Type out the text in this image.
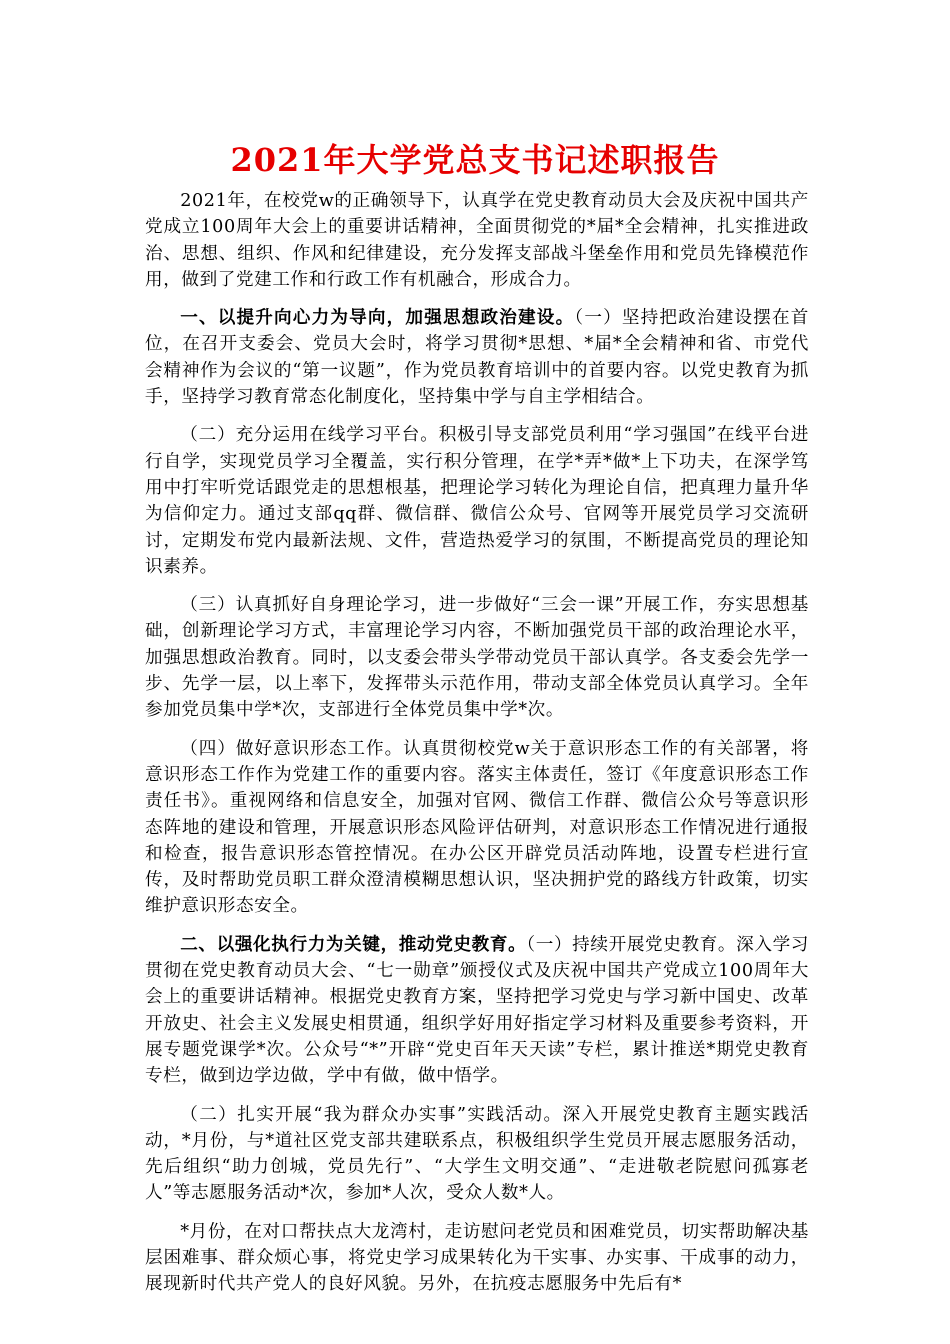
2021年大学党总支书记述职报告

2021年，在校党w的正确领导下，认真学在党史教育动员大会及庆祝中国共产党成立100周年大会上的重要讲话精神，全面贯彻党的*届*全会精神，扎实推进政治、思想、组织、作风和纪律建设，充分发挥支部战斗堡垒作用和党员先锋模范作用，做到了党建工作和行政工作有机融合，形成合力。

一、以提升向心力为导向，加强思想政治建设。（一）坚持把政治建设摆在首位，在召开支委会、党员大会时，将学习贯彻*思想、*届*全会精神和省、市党代会精神作为会议的“第一议题”，作为党员教育培训中的首要内容。以党史教育为抓手，坚持学习教育常态化制度化，坚持集中学与自主学相结合。

（二）充分运用在线学习平台。积极引导支部党员利用“学习强国”在线平台进行自学，实现党员学习全覆盖，实行积分管理，在学*弄*做*上下功夫，在深学笃用中打牢听党话跟党走的思想根基，把理论学习转化为理论自信，把真理力量升华为信仰定力。通过支部qq群、微信群、微信公众号、官网等开展党员学习交流研讨，定期发布党内最新法规、文件，营造热爱学习的氛围，不断提高党员的理论知识素养。

（三）认真抓好自身理论学习，进一步做好“三会一课”开展工作，夯实思想基础，创新理论学习方式，丰富理论学习内容，不断加强党员干部的政治理论水平，加强思想政治教育。同时，以支委会带头学带动党员干部认真学。各支委会先学一步、先学一层，以上率下，发挥带头示范作用，带动支部全体党员认真学习。全年参加党员集中学*次，支部进行全体党员集中学*次。

（四）做好意识形态工作。认真贯彻校党w关于意识形态工作的有关部署，将意识形态工作作为党建工作的重要内容。落实主体责任，签订《年度意识形态工作责任书》。重视网络和信息安全，加强对官网、微信工作群、微信公众号等意识形态阵地的建设和管理，开展意识形态风险评估研判，对意识形态工作情况进行通报和检查，报告意识形态管控情况。在办公区开辟党员活动阵地，设置专栏进行宣传，及时帮助党员职工群众澄清模糊思想认识，坚决拥护党的路线方针政策，切实维护意识形态安全。

二、以强化执行力为关键，推动党史教育。（一）持续开展党史教育。深入学习贯彻在党史教育动员大会、“七一勋章”颁授仪式及庆祝中国共产党成立100周年大会上的重要讲话精神。根据党史教育方案，坚持把学习党史与学习新中国史、改革开放史、社会主义发展史相贯通，组织学好用好指定学习材料及重要参考资料，开展专题党课学*次。公众号“*”开辟“党史百年天天读”专栏，累计推送*期党史教育专栏，做到边学边做，学中有做，做中悟学。

（二）扎实开展“我为群众办实事”实践活动。深入开展党史教育主题实践活动，*月份，与*道社区党支部共建联系点，积极组织学生党员开展志愿服务活动，先后组织“助力创城，党员先行”、“大学生文明交通”、“走进敬老院慰问孤寡老人”等志愿服务活动*次，参加*人次，受众人数*人。

*月份，在对口帮扶点大龙湾村，走访慰问老党员和困难党员，切实帮助解决基层困难事、群众烦心事，将党史学习成果转化为干实事、办实事、干成事的动力，展现新时代共产党人的良好风貌。另外，在抗疫志愿服务中先后有*
